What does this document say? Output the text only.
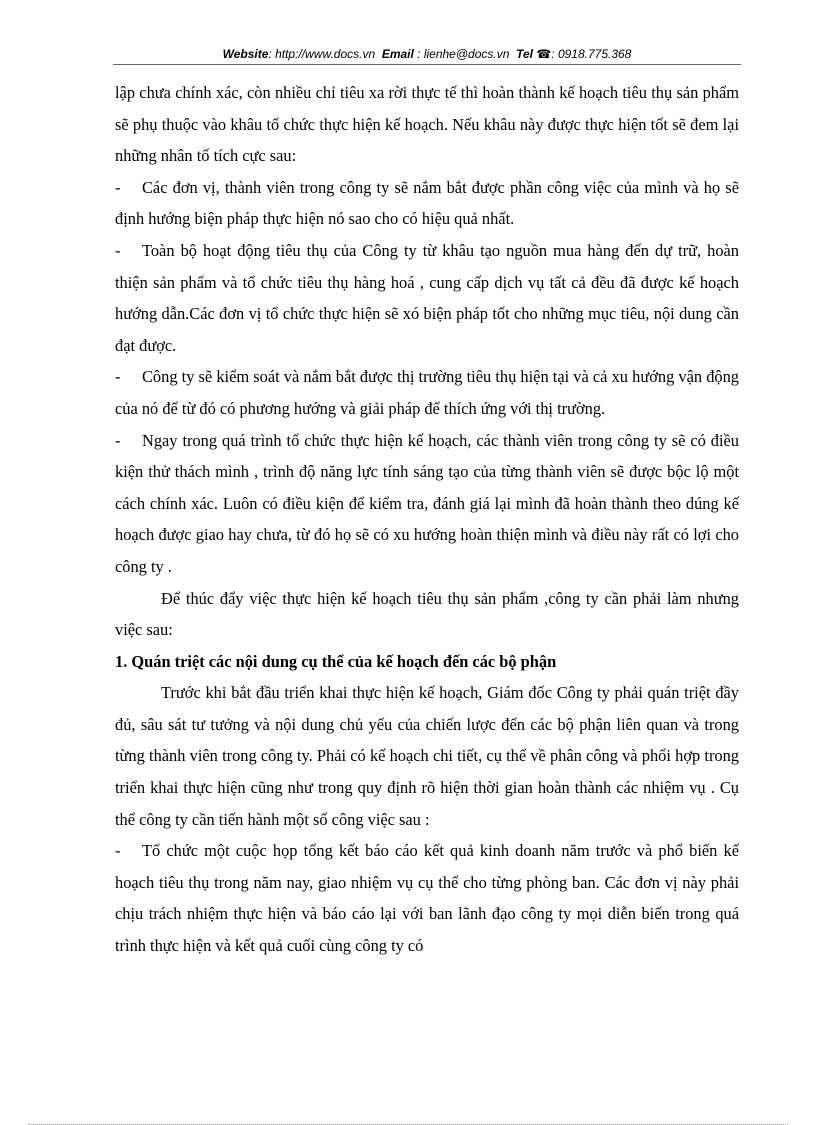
Website: http://www.docs.vn Email : lienhe@docs.vn Tel ☎: 0918.775.368

lập chưa chính xác, còn nhiều chỉ tiêu xa rời thực tế thì hoàn thành kế hoạch tiêu thụ sản phẩm sẽ phụ thuộc vào khâu tổ chức thực hiện kế hoạch. Nếu khâu này được thực hiện tốt sẽ đem lại những nhân tố tích cực sau:

- Các đơn vị, thành viên trong công ty sẽ nắm bắt được phần công việc của mình và họ sẽ định hướng biện pháp thực hiện nó sao cho có hiệu quả nhất.

- Toàn bộ hoạt động tiêu thụ của Công ty từ khâu tạo nguồn mua hàng đến dự trữ, hoàn thiện sản phẩm và tổ chức tiêu thụ hàng hoá , cung cấp dịch vụ tất cả đều đã được kế hoạch hướng dẫn.Các đơn vị tổ chức thực hiện sẽ xó biện pháp tốt cho những mục tiêu, nội dung cần đạt được.

- Công ty sẽ kiểm soát và nắm bắt được thị trường tiêu thụ hiện tại và cả xu hướng vận động của nó để từ đó có phương hướng và giải pháp để thích ứng với thị trường.

- Ngay trong quá trình tổ chức thực hiện kế hoạch, các thành viên trong công ty sẽ có điều kiện thử thách mình , trình độ năng lực tính sáng tạo của từng thành viên sẽ được bộc lộ một cách chính xác. Luôn có điều kiện để kiểm tra, đánh giá lại mình đã hoàn thành theo dúng kế hoạch được giao hay chưa, từ đó họ sẽ có xu hướng hoàn thiện mình và điều này rất có lợi cho công ty .

Để thúc đẩy việc thực hiện kế hoạch tiêu thụ sản phẩm ,công ty cần phải làm nhưng việc sau:

1. Quán triệt các nội dung cụ thể của kế hoạch đến các bộ phận

Trước khi bắt đầu triển khai thực hiện kế hoạch, Giám đốc Công ty phải quán triệt đầy đủ, sâu sát tư tưởng và nội dung chủ yếu của chiến lược đến các bộ phận liên quan và trong từng thành viên trong công ty. Phải có kế hoạch chi tiết, cụ thể về phân công và phối hợp trong triển khai thực hiện cũng như trong quy định rõ hiện thời gian hoàn thành các nhiệm vụ . Cụ thể công ty cần tiến hành một số công việc sau :

- Tổ chức một cuộc họp tổng kết báo cáo kết quả kinh doanh năm trước và phổ biến kế hoạch tiêu thụ trong năm nay, giao nhiệm vụ cụ thể cho từng phòng ban. Các đơn vị này phải chịu trách nhiệm thực hiện và báo cáo lại với ban lãnh đạo công ty mọi diễn biến trong quá trình thực hiện và kết quả cuối cùng công ty có
